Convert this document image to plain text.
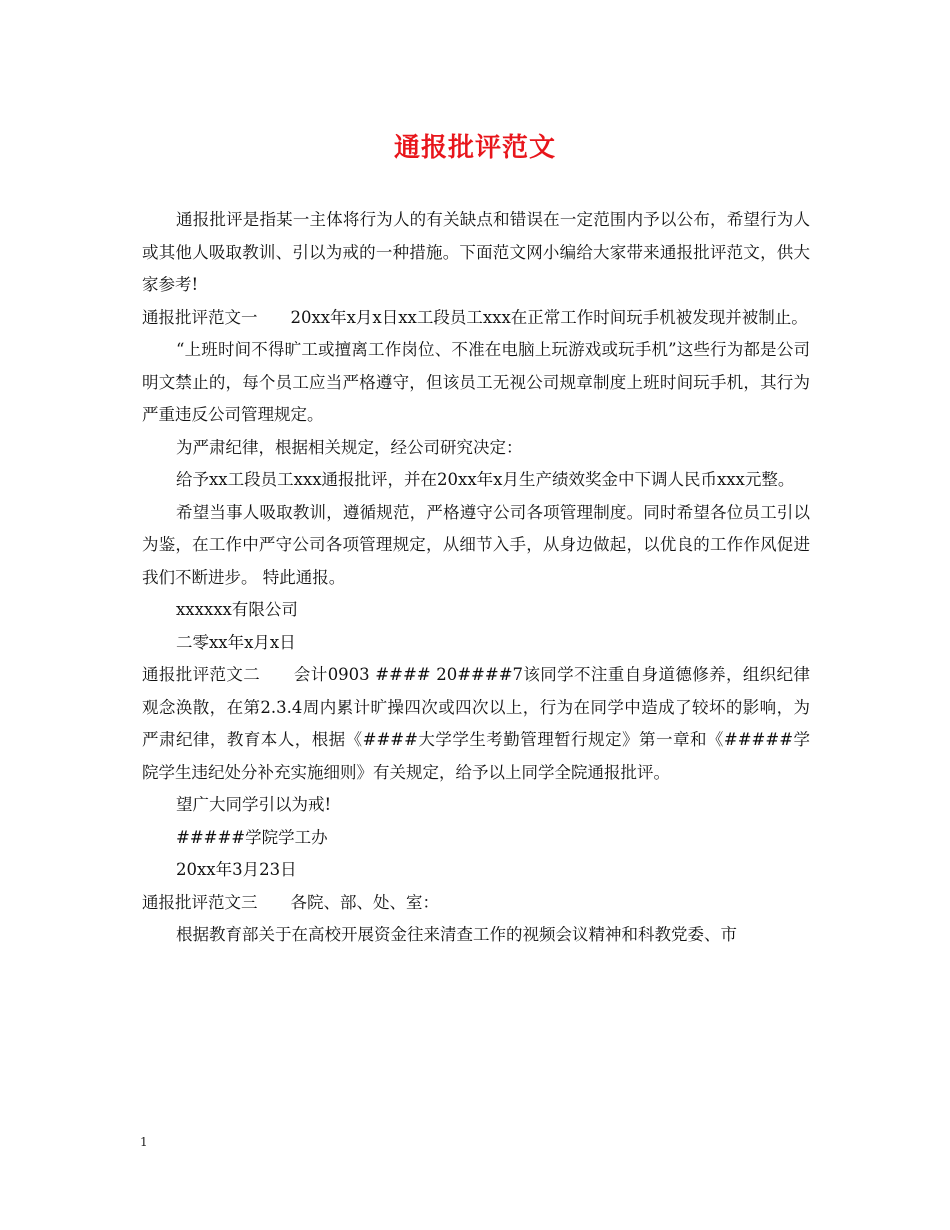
通报批评范文

通报批评是指某一主体将行为人的有关缺点和错误在一定范围内予以公布，希望行为人或其他人吸取教训、引以为戒的一种措施。下面范文网小编给大家带来通报批评范文，供大家参考!

通报批评范文一　　20xx年x月x日xx工段员工xxx在正常工作时间玩手机被发现并被制止。

“上班时间不得旷工或擅离工作岗位、不准在电脑上玩游戏或玩手机”这些行为都是公司明文禁止的，每个员工应当严格遵守，但该员工无视公司规章制度上班时间玩手机，其行为严重违反公司管理规定。

为严肃纪律，根据相关规定，经公司研究决定：

给予xx工段员工xxx通报批评，并在20xx年x月生产绩效奖金中下调人民币xxx元整。

希望当事人吸取教训，遵循规范，严格遵守公司各项管理制度。同时希望各位员工引以为鉴，在工作中严守公司各项管理规定，从细节入手，从身边做起，以优良的工作作风促进我们不断进步。 特此通报。

xxxxxx有限公司

二零xx年x月x日

通报批评范文二　　会计0903 #### 20####7该同学不注重自身道德修养，组织纪律观念涣散，在第2.3.4周内累计旷操四次或四次以上，行为在同学中造成了较坏的影响，为严肃纪律，教育本人，根据《####大学学生考勤管理暂行规定》第一章和《#####学院学生违纪处分补充实施细则》有关规定，给予以上同学全院通报批评。

望广大同学引以为戒!

#####学院学工办

20xx年3月23日

通报批评范文三　　各院、部、处、室：

根据教育部关于在高校开展资金往来清查工作的视频会议精神和科教党委、市

1
